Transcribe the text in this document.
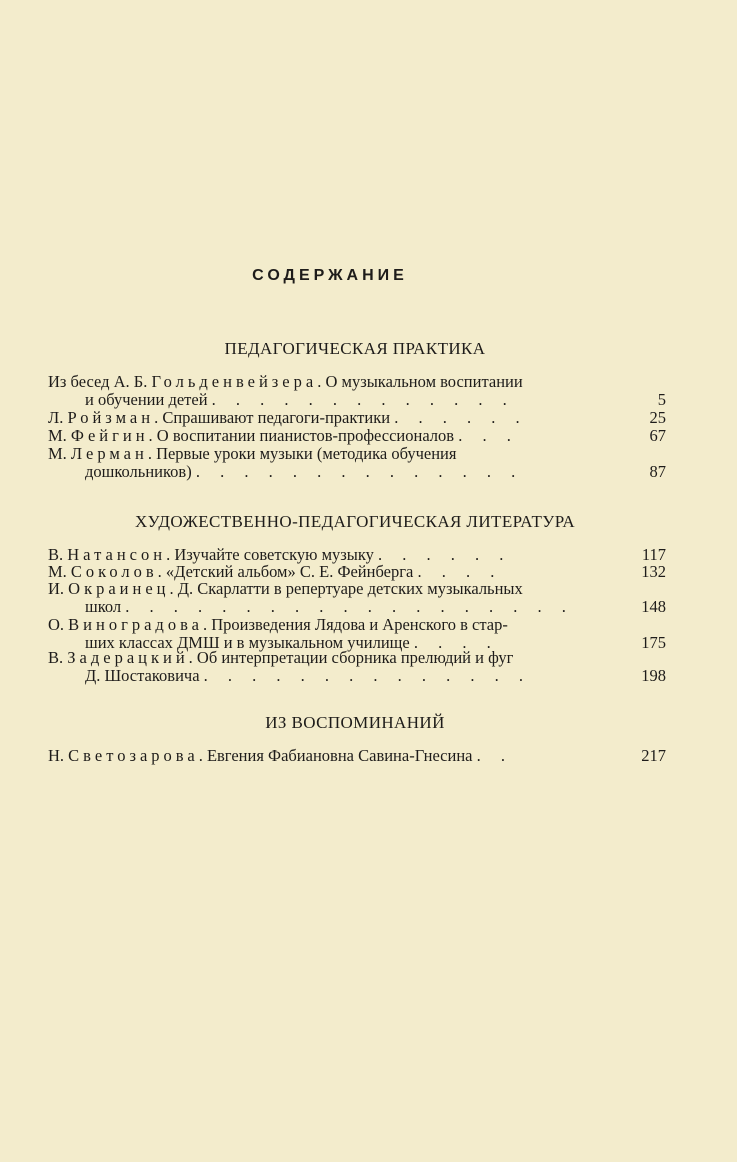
СОДЕРЖАНИЕ
ПЕДАГОГИЧЕСКАЯ ПРАКТИКА
Из бесед А. Б. Гольденвейзера. О музыкальном воспитании
и обучении детей . . . . . . . . . . . . .	5
Л. Ройзман. Спрашивают педагоги-практики . . . . . .	25
М. Фейгин. О воспитании пианистов-профессионалов . . .	67
М. Лерман. Первые уроки музыки (методика обучения
дошкольников) . . . . . . . . . . . . . .	87
ХУДОЖЕСТВЕННО-ПЕДАГОГИЧЕСКАЯ ЛИТЕРАТУРА
В. Натансон. Изучайте советскую музыку . . . . . .	117
М. Соколов. «Детский альбом» С. Е. Фейнберга . . . .	132
И. Окраинец. Д. Скарлатти в репертуаре детских музыкальных
школ . . . . . . . . . . . . . . . . . . .	148
О. Виноградова. Произведения Лядова и Аренского в стар-
ших классах ДМШ и в музыкальном училище . . . .	175
В. Задерацкий. Об интерпретации сборника прелюдий и фуг
Д. Шостаковича . . . . . . . . . . . . . .	198
ИЗ ВОСПОМИНАНИЙ
Н. Светозарова. Евгения Фабиановна Савина-Гнесина . .	217
